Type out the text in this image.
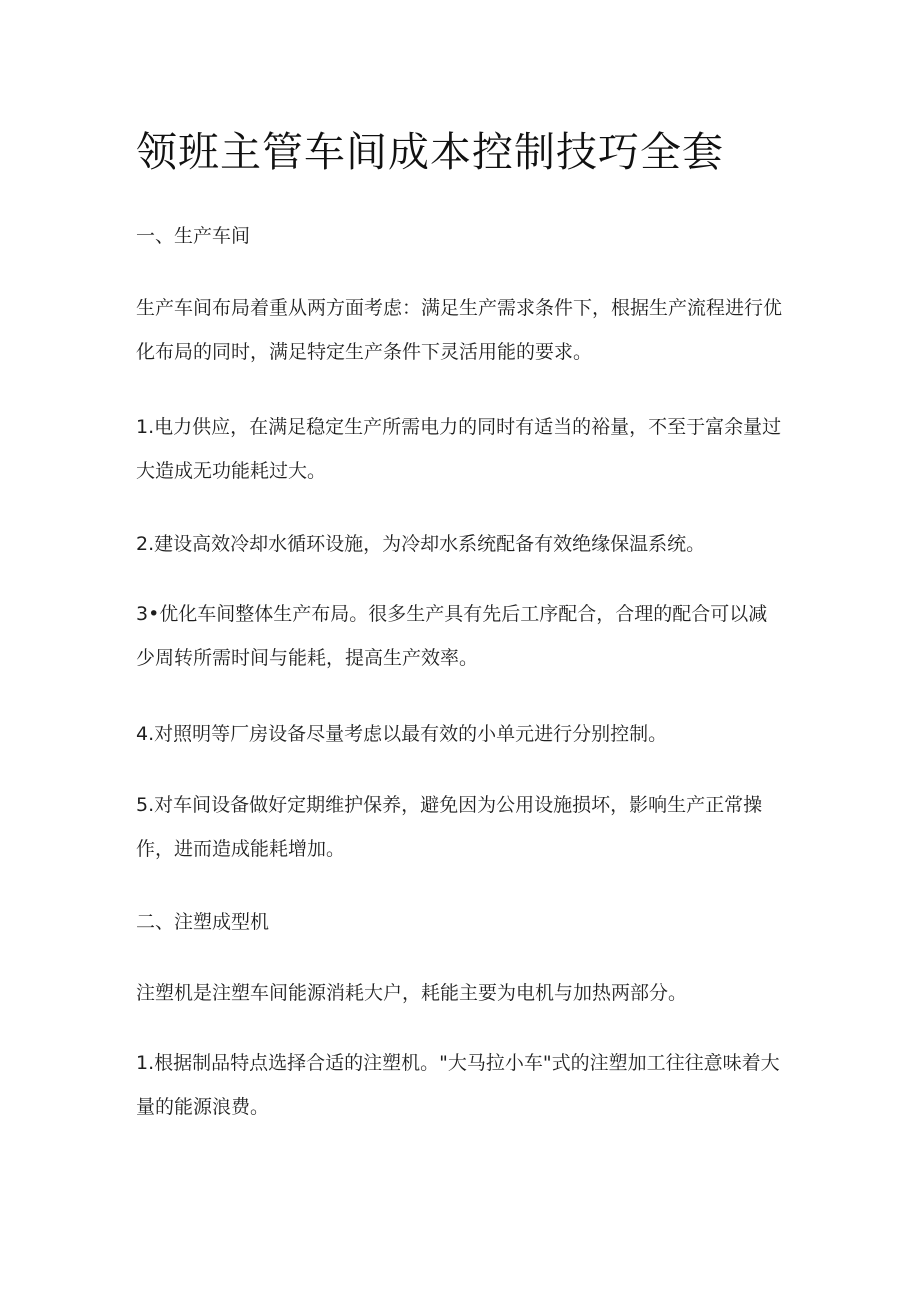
领班主管车间成本控制技巧全套

一、生产车间

生产车间布局着重从两方面考虑：满足生产需求条件下，根据生产流程进行优化布局的同时，满足特定生产条件下灵活用能的要求。

1.电力供应，在满足稳定生产所需电力的同时有适当的裕量，不至于富余量过大造成无功能耗过大。

2.建设高效冷却水循环设施，为冷却水系统配备有效绝缘保温系统。

3•优化车间整体生产布局。很多生产具有先后工序配合，合理的配合可以减少周转所需时间与能耗，提高生产效率。

4.对照明等厂房设备尽量考虑以最有效的小单元进行分别控制。

5.对车间设备做好定期维护保养，避免因为公用设施损坏，影响生产正常操作，进而造成能耗增加。

二、注塑成型机

注塑机是注塑车间能源消耗大户，耗能主要为电机与加热两部分。

1.根据制品特点选择合适的注塑机。"大马拉小车"式的注塑加工往往意味着大量的能源浪费。
